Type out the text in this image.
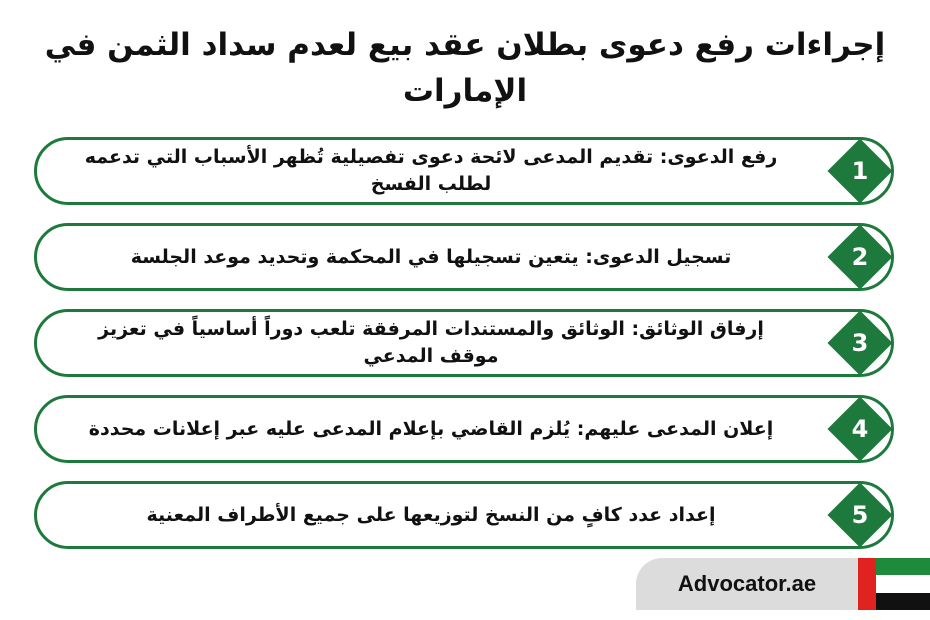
إجراءات رفع دعوى بطلان عقد بيع لعدم سداد الثمن في الإمارات
رفع الدعوى: تقديم المدعى لائحة دعوى تفصيلية تُظهر الأسباب التي تدعمه لطلب الفسخ	1
تسجيل الدعوى: يتعين تسجيلها في المحكمة وتحديد موعد الجلسة	2
إرفاق الوثائق: الوثائق والمستندات المرفقة تلعب دوراً أساسياً في تعزيز موقف المدعي	3
إعلان المدعى عليهم: يُلزم القاضي بإعلام المدعى عليه عبر إعلانات محددة	4
إعداد عدد كافٍ من النسخ لتوزيعها على جميع الأطراف المعنية	5
Advocator.ae
